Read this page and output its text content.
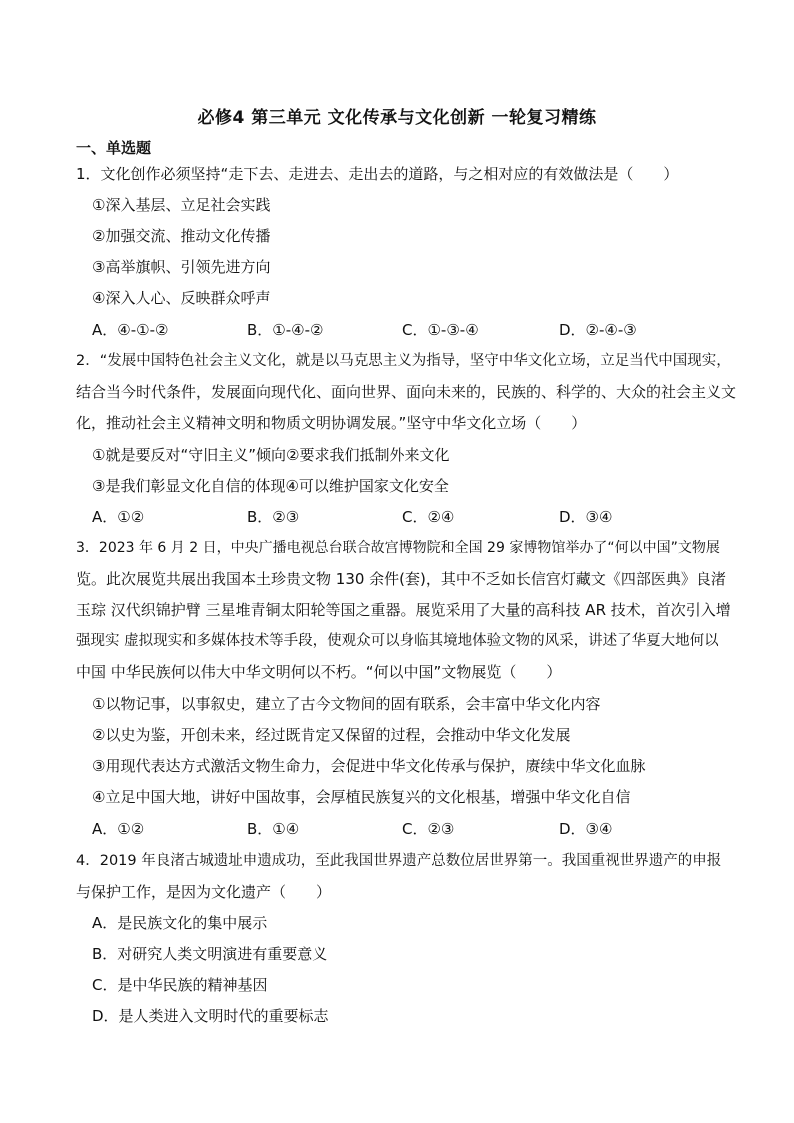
必修4 第三单元 文化传承与文化创新 一轮复习精练
一、单选题
1．文化创作必须坚持“走下去、走进去、走出去的道路，与之相对应的有效做法是（　　）
①深入基层、立足社会实践
②加强交流、推动文化传播
③高举旗帜、引领先进方向
④深入人心、反映群众呼声
A．④-①-②	B．①-④-②	C．①-③-④	D．②-④-③
2．“发展中国特色社会主义文化，就是以马克思主义为指导，坚守中华文化立场，立足当代中国现实，
结合当今时代条件，发展面向现代化、面向世界、面向未来的，民族的、科学的、大众的社会主义文
化，推动社会主义精神文明和物质文明协调发展。”坚守中华文化立场（　　）
①就是要反对“守旧主义”倾向②要求我们抵制外来文化
③是我们彰显文化自信的体现④可以维护国家文化安全
A．①②	B．②③	C．②④	D．③④
3．2023 年 6 月 2 日，中央广播电视总台联合故宫博物院和全国 29 家博物馆举办了“何以中国”文物展
览。此次展览共展出我国本土珍贵文物 130 余件(套)，其中不乏如长信宫灯藏文《四部医典》良渚
玉琮 汉代织锦护臂 三星堆青铜太阳轮等国之重器。展览采用了大量的高科技 AR 技术，首次引入增
强现实 虚拟现实和多媒体技术等手段，使观众可以身临其境地体验文物的风采，讲述了华夏大地何以
中国 中华民族何以伟大中华文明何以不朽。“何以中国”文物展览（　　）
①以物记事，以事叙史，建立了古今文物间的固有联系，会丰富中华文化内容
②以史为鉴，开创未来，经过既肯定又保留的过程，会推动中华文化发展
③用现代表达方式激活文物生命力，会促进中华文化传承与保护，赓续中华文化血脉
④立足中国大地，讲好中国故事，会厚植民族复兴的文化根基，增强中华文化自信
A．①②	B．①④	C．②③	D．③④
4．2019 年良渚古城遗址申遗成功，至此我国世界遗产总数位居世界第一。我国重视世界遗产的申报
与保护工作，是因为文化遗产（　　）
A．是民族文化的集中展示
B．对研究人类文明演进有重要意义
C．是中华民族的精神基因
D．是人类进入文明时代的重要标志
